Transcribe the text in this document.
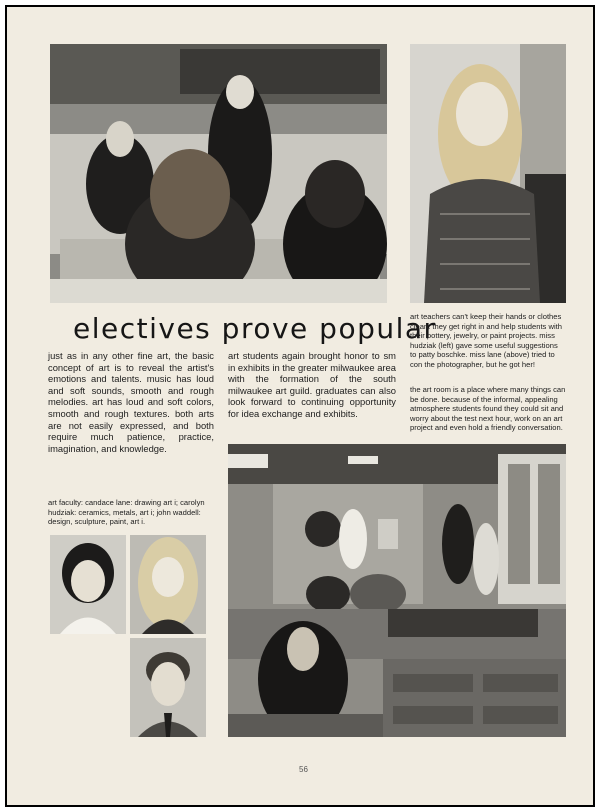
electives prove popular

art teachers can't keep their hands or clothes clean. they get right in and help students with their pottery, jewelry, or paint projects. miss hudziak (left) gave some useful suggestions to patty boschke. miss lane (above) tried to con the photographer, but he got her!

just as in any other fine art, the basic concept of art is to reveal the artist's emotions and talents. music has loud and soft sounds, smooth and rough melodies. art has loud and soft colors, smooth and rough textures. both arts are not easily expressed, and both require much patience, practice, imagination, and knowledge.

art students again brought honor to sm in exhibits in the greater milwaukee area with the formation of the south milwaukee art guild. graduates can also look forward to continuing opportunity for idea exchange and exhibits.

the art room is a place where many things can be done. because of the informal, appealing atmosphere students found they could sit and worry about the test next hour, work on an art project and even hold a friendly conversation.

art faculty: candace lane: drawing art i; carolyn hudziak: ceramics, metals, art i; john waddell: design, sculpture, paint, art i.

56
